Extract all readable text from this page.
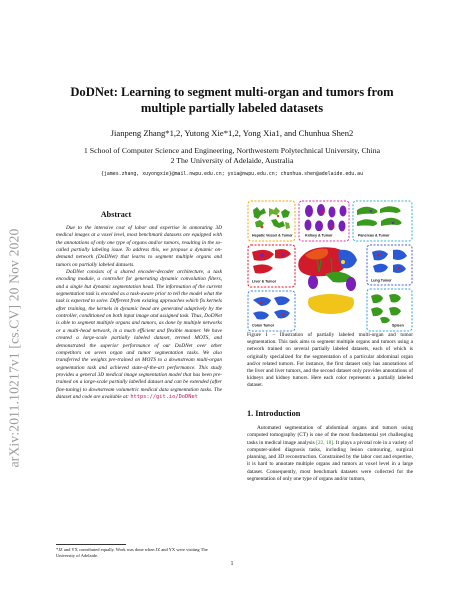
arXiv:2011.10217v1 [cs.CV] 20 Nov 2020
DoDNet: Learning to segment multi-organ and tumors from multiple partially labeled datasets
Jianpeng Zhang*1,2, Yutong Xie*1,2, Yong Xia1, and Chunhua Shen2
1 School of Computer Science and Engineering, Northwestern Polytechnical University, China
2 The University of Adelaide, Australia
{james.zhang, xuyongxie}@mail.nwpu.edu.cn; yxia@nwpu.edu.cn; chunhua.shen@adelaide.edu.au
Abstract

Due to the intensive cost of labor and expertise in annotating 3D medical images at a voxel level, most benchmark datasets are equipped with the annotations of only one type of organs and/or tumors, resulting in the so-called partially labeling issue. To address this, we propose a dynamic on-demand network (DoDNet) that learns to segment multiple organs and tumors on partially labeled datasets.

DoDNet consists of a shared encoder-decoder architecture, a task encoding module, a controller for generating dynamic convolution filters, and a single but dynamic segmentation head. The information of the current segmentation task is encoded as a task-aware prior to tell the model what the task is expected to solve. Different from existing approaches which fix kernels after training, the kernels in dynamic head are generated adaptively by the controller, conditioned on both input image and assigned task. Thus, DoDNet is able to segment multiple organs and tumors, as done by multiple networks or a multi-head network, in a much efficient and flexible manner. We have created a large-scale partially labeled dataset, termed MOTS, and demonstrated the superior performance of our DoDNet over other competitors on seven organ and tumor segmentation tasks. We also transferred the weights pre-trained on MOTS to a downstream multi-organ segmentation task and achieved state-of-the-art performance. This study provides a general 3D medical image segmentation model that has been pre-trained on a large-scale partially labelled dataset and can be extended (after fine-tuning) to downstream volumetric medical data segmentation tasks. The dataset and code are available at: https://git.io/DoDNet

*JZ and YX contributed equally. Work was done when JZ and YX were visiting The University of Adelaide.
Hepatic Vessel & Tumor	Kidney & Tumor	Pancreas & Tumor
Liver & Tumor	Lung Tumor
Colon Tumor	Spleen
Figure 1 – Illustration of partially labeled multi-organ and tumor segmentation. This task aims to segment multiple organs and tumors using a network trained on several partially labeled datasets, each of which is originally specialized for the segmentation of a particular abdominal organ and/or related tumors. For instance, the first dataset only has annotations of the liver and liver tumors, and the second dataset only provides annotations of kidneys and kidney tumors. Here each color represents a partially labeled dataset.
1. Introduction

Automated segmentation of abdominal organs and tumors using computed tomography (CT) is one of the most fundamental yet challenging tasks in medical image analysis [22, 18]. It plays a pivotal role in a variety of computer-aided diagnosis tasks, including lesion contouring, surgical planning, and 3D reconstruction. Constrained by the labor cost and expertise, it is hard to annotate multiple organs and tumors at voxel level in a large dataset. Consequently, most benchmark datasets were collected for the segmentation of only one type of organs and/or tumors,

1
